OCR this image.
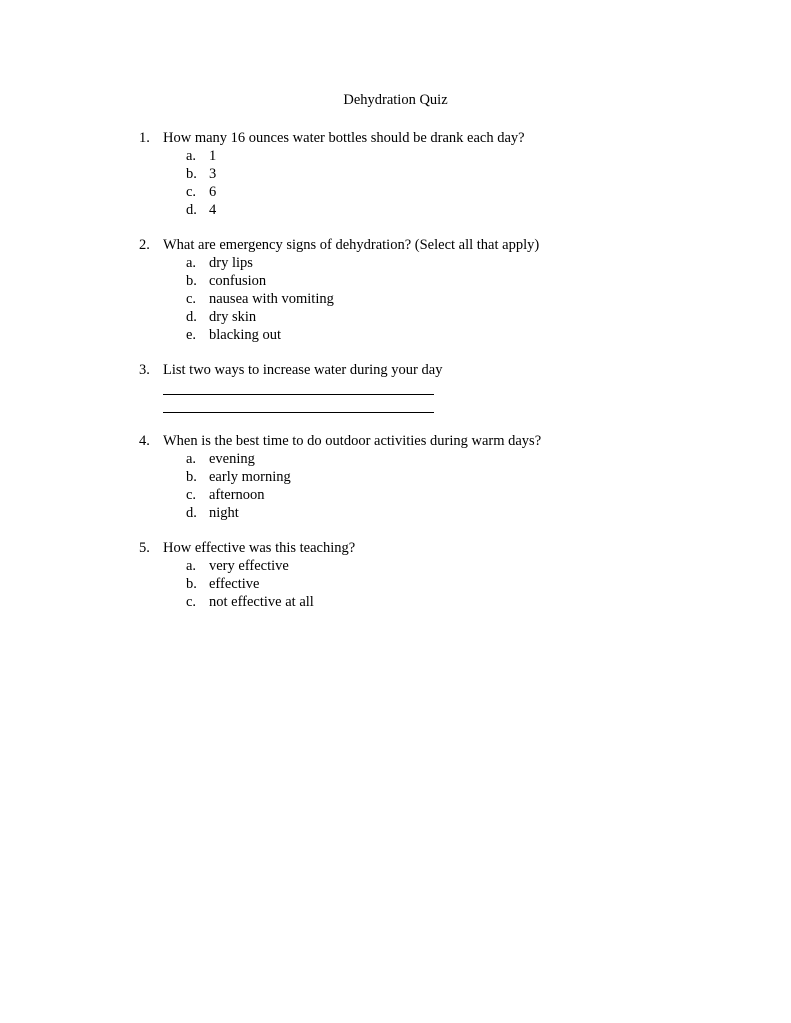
Dehydration Quiz
1. How many 16 ounces water bottles should be drank each day?
a. 1
b. 3
c. 6
d. 4
2. What are emergency signs of dehydration? (Select all that apply)
a. dry lips
b. confusion
c. nausea with vomiting
d. dry skin
e. blacking out
3. List two ways to increase water during your day
4. When is the best time to do outdoor activities during warm days?
a. evening
b. early morning
c. afternoon
d. night
5. How effective was this teaching?
a. very effective
b. effective
c. not effective at all
